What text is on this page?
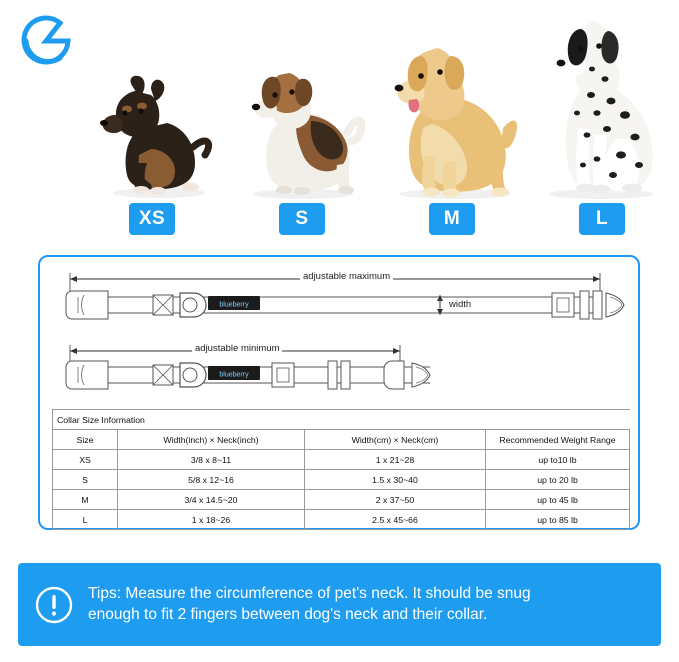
XS	S	M	L
blueberry
blueberry
adjustable maximum
width
adjustable minimum
Collar Size Information			
Size	Width(inch) × Neck(inch)	Width(cm) × Neck(cm)	Recommended Weight Range
XS	3/8 x 8~11	1 x 21~28	up to10 lb
S	5/8 x 12~16	1.5 x 30~40	up to 20 lb
M	3/4 x 14.5~20	2 x 37~50	up to 45 lb
L	1 x 18~26	2.5 x 45~66	up to 85 lb
Tips: Measure the circumference of pet's neck. It should be snug
enough to fit 2 fingers between dog's neck and their collar.
